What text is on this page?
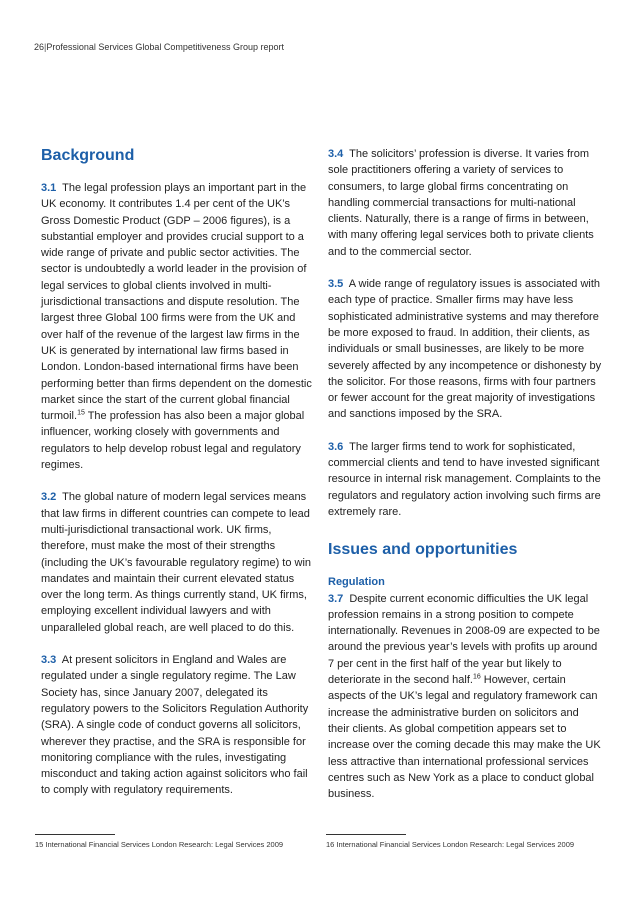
26|Professional Services Global Competitiveness Group report
Background

3.1 The legal profession plays an important part in the UK economy. It contributes 1.4 per cent of the UK’s Gross Domestic Product (GDP – 2006 figures), is a substantial employer and provides crucial support to a wide range of private and public sector activities. The sector is undoubtedly a world leader in the provision of legal services to global clients involved in multi-jurisdictional transactions and dispute resolution. The largest three Global 100 firms were from the UK and over half of the revenue of the largest law firms in the UK is generated by international law firms based in London. London-based international firms have been performing better than firms dependent on the domestic market since the start of the current global financial turmoil.$^{15}$ The profession has also been a major global influencer, working closely with governments and regulators to help develop robust legal and regulatory regimes.

3.2 The global nature of modern legal services means that law firms in different countries can compete to lead multi-jurisdictional transactional work. UK firms, therefore, must make the most of their strengths (including the UK’s favourable regulatory regime) to win mandates and maintain their current elevated status over the long term. As things currently stand, UK firms, employing excellent individual lawyers and with unparalleled global reach, are well placed to do this.

3.3 At present solicitors in England and Wales are regulated under a single regulatory regime. The Law Society has, since January 2007, delegated its regulatory powers to the Solicitors Regulation Authority (SRA). A single code of conduct governs all solicitors, wherever they practise, and the SRA is responsible for monitoring compliance with the rules, investigating misconduct and taking action against solicitors who fail to comply with regulatory requirements.

3.4 The solicitors’ profession is diverse. It varies from sole practitioners offering a variety of services to consumers, to large global firms concentrating on handling commercial transactions for multi-national clients. Naturally, there is a range of firms in between, with many offering legal services both to private clients and to the commercial sector.

3.5 A wide range of regulatory issues is associated with each type of practice. Smaller firms may have less sophisticated administrative systems and may therefore be more exposed to fraud. In addition, their clients, as individuals or small businesses, are likely to be more severely affected by any incompetence or dishonesty by the solicitor. For those reasons, firms with four partners or fewer account for the great majority of investigations and sanctions imposed by the SRA.

3.6 The larger firms tend to work for sophisticated, commercial clients and tend to have invested significant resource in internal risk management. Complaints to the regulators and regulatory action involving such firms are extremely rare.

Issues and opportunities

Regulation
3.7 Despite current economic difficulties the UK legal profession remains in a strong position to compete internationally. Revenues in 2008-09 are expected to be around the previous year’s levels with profits up around 7 per cent in the first half of the year but likely to deteriorate in the second half.$^{16}$ However, certain aspects of the UK’s legal and regulatory framework can increase the administrative burden on solicitors and their clients. As global competition appears set to increase over the coming decade this may make the UK less attractive than international professional services centres such as New York as a place to conduct global business.

15 International Financial Services London Research: Legal Services 2009	16 International Financial Services London Research: Legal Services 2009
